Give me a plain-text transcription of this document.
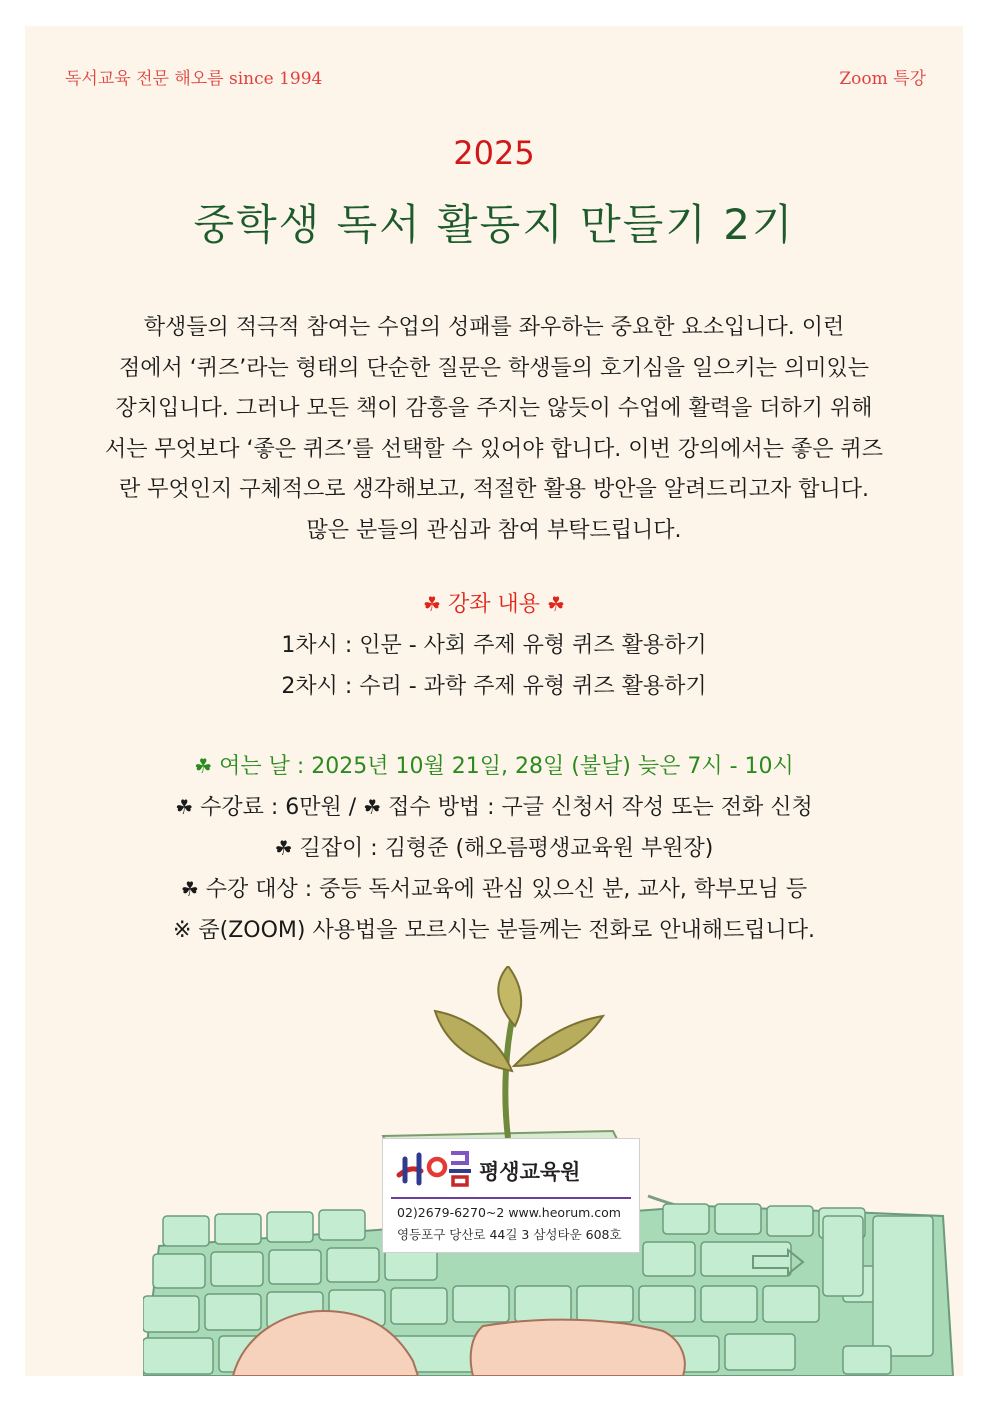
독서교육 전문 해오름 since 1994	Zoom 특강
2025
중학생 독서 활동지 만들기 2기
학생들의 적극적 참여는 수업의 성패를 좌우하는 중요한 요소입니다. 이런
점에서 ‘퀴즈’라는 형태의 단순한 질문은 학생들의 호기심을 일으키는 의미있는
장치입니다. 그러나 모든 책이 감흥을 주지는 않듯이 수업에 활력을 더하기 위해
서는 무엇보다 ‘좋은 퀴즈’를 선택할 수 있어야 합니다. 이번 강의에서는 좋은 퀴즈
란 무엇인지 구체적으로 생각해보고, 적절한 활용 방안을 알려드리고자 합니다.
많은 분들의 관심과 참여 부탁드립니다.
☘ 강좌 내용 ☘
1차시 : 인문 - 사회 주제 유형 퀴즈 활용하기
2차시 : 수리 - 과학 주제 유형 퀴즈 활용하기
☘ 여는 날 : 2025년 10월 21일, 28일 (불날) 늦은 7시 - 10시
☘ 수강료 : 6만원 / ☘ 접수 방법 : 구글 신청서 작성 또는 전화 신청
☘ 길잡이 : 김형준 (해오름평생교육원 부원장)
☘ 수강 대상 : 중등 독서교육에 관심 있으신 분, 교사, 학부모님 등
※ 줌(ZOOM) 사용법을 모르시는 분들께는 전화로 안내해드립니다.
평생교육원
02)2679-6270~2 www.heorum.com
영등포구 당산로 44길 3 삼성타운 608호
